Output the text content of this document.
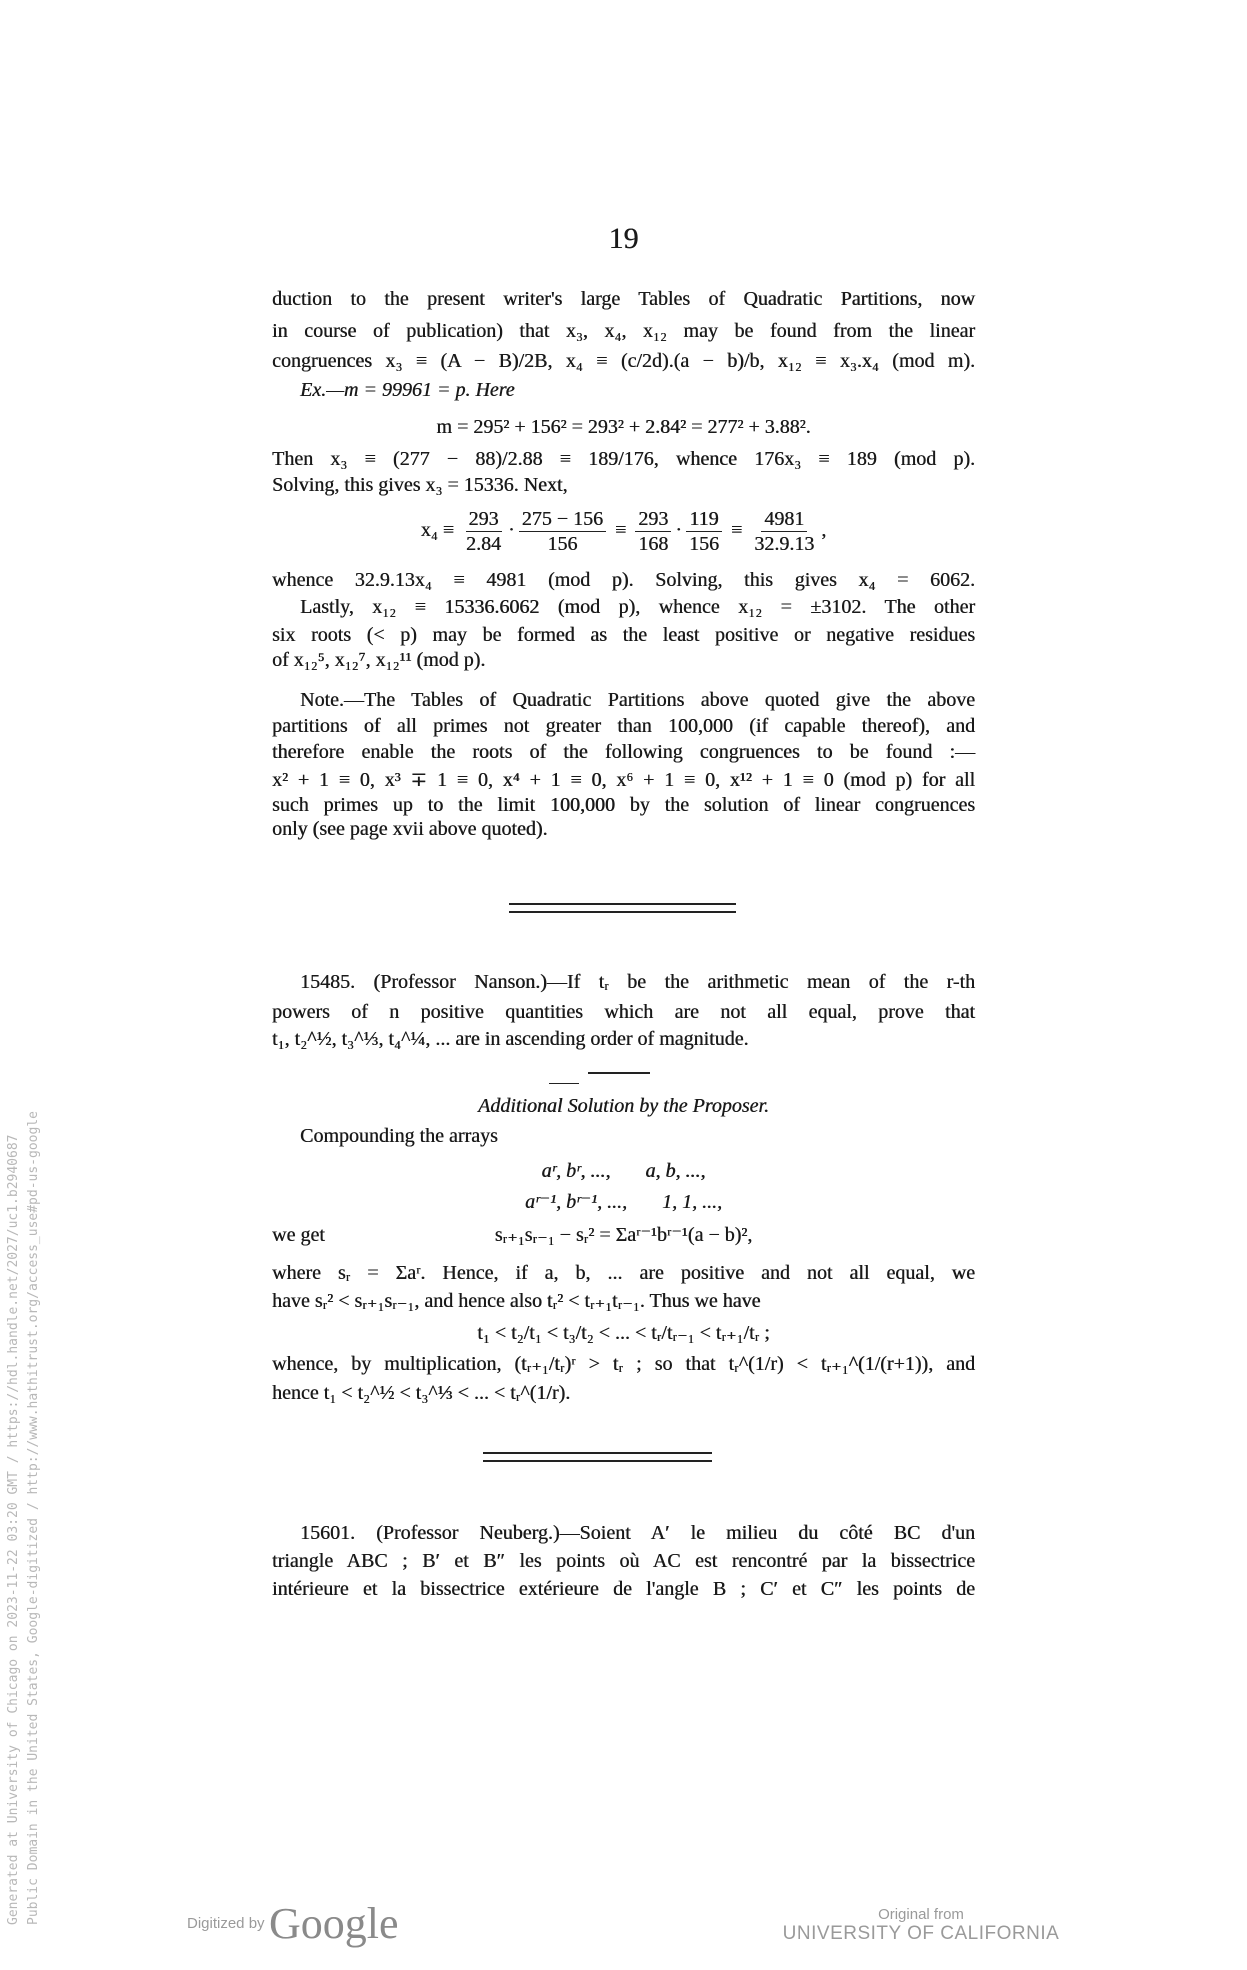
19
duction to the present writer's large Tables of Quadratic Partitions, now
in course of publication) that x₃, x₄, x₁₂ may be found from the linear
congruences x₃ ≡ (A − B)/2B, x₄ ≡ (c/2d).(a − b)/b, x₁₂ ≡ x₃.x₄ (mod m).
Ex.—m = 99961 = p. Here
m = 295² + 156² = 293² + 2.84² = 277² + 3.88².
Then x₃ ≡ (277 − 88)/2.88 ≡ 189/176, whence 176x₃ ≡ 189 (mod p).
Solving, this gives x₃ = 15336. Next,
$x_4 \equiv \frac{293}{2.84} \cdot \frac{275 - 156}{156} \equiv \frac{293}{168} \cdot \frac{119}{156} \equiv \frac{4981}{32.9.13}$ ,
whence 32.9.13x₄ ≡ 4981 (mod p). Solving, this gives x₄ = 6062.
Lastly, x₁₂ ≡ 15336.6062 (mod p), whence x₁₂ = ±3102. The other
six roots (< p) may be formed as the least positive or negative residues
of x₁₂⁵, x₁₂⁷, x₁₂¹¹ (mod p).
Note.—The Tables of Quadratic Partitions above quoted give the above
partitions of all primes not greater than 100,000 (if capable thereof), and
therefore enable the roots of the following congruences to be found :—
x² + 1 ≡ 0, x³ ∓ 1 ≡ 0, x⁴ + 1 ≡ 0, x⁶ + 1 ≡ 0, x¹² + 1 ≡ 0 (mod p) for all
such primes up to the limit 100,000 by the solution of linear congruences
only (see page xvii above quoted).
15485. (Professor Nanson.)—If tᵣ be the arithmetic mean of the r-th
powers of n positive quantities which are not all equal, prove that
t₁, t₂^½, t₃^⅓, t₄^¼, ... are in ascending order of magnitude.
Additional Solution by the Proposer.
Compounding the arrays
aʳ, bʳ, ...,       a, b, ...,
aʳ⁻¹, bʳ⁻¹, ...,       1, 1, ...,
we get	sᵣ₊₁sᵣ₋₁ − sᵣ² = Σaʳ⁻¹bʳ⁻¹(a − b)²,
where sᵣ = Σaʳ. Hence, if a, b, ... are positive and not all equal, we
have sᵣ² < sᵣ₊₁sᵣ₋₁, and hence also tᵣ² < tᵣ₊₁tᵣ₋₁. Thus we have
t₁ < t₂/t₁ < t₃/t₂ < ... < tᵣ/tᵣ₋₁ < tᵣ₊₁/tᵣ ;
whence, by multiplication, (tᵣ₊₁/tᵣ)ʳ > tᵣ ; so that tᵣ^(1/r) < tᵣ₊₁^(1/(r+1)), and
hence t₁ < t₂^½ < t₃^⅓ < ... < tᵣ^(1/r).
15601. (Professor Neuberg.)—Soient A′ le milieu du côté BC d'un
triangle ABC ; B′ et B″ les points où AC est rencontré par la bissectrice
intérieure et la bissectrice extérieure de l'angle B ; C′ et C″ les points de
Generated at University of Chicago on 2023-11-22 03:20 GMT / https://hdl.handle.net/2027/uc1.b2940687 Public Domain in the United States, Google-digitized / http://www.hathitrust.org/access_use#pd-us-google	Digitized by Google	Original from
UNIVERSITY OF CALIFORNIA
